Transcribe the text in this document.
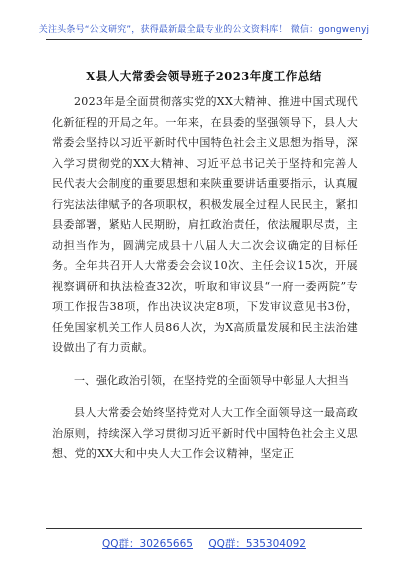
关注头条号“公文研究”，获得最新最全最专业的公文资料库！ 微信：gongwenyj
X县人大常委会领导班子2023年度工作总结

2023年是全面贯彻落实党的XX大精神、推进中国式现代化新征程的开局之年。一年来，在县委的坚强领导下，县人大常委会坚持以习近平新时代中国特色社会主义思想为指导，深入学习贯彻党的XX大精神、习近平总书记关于坚持和完善人民代表大会制度的重要思想和来陕重要讲话重要指示，认真履行宪法法律赋予的各项职权，积极发展全过程人民民主，紧扣县委部署，紧贴人民期盼，肩扛政治责任，依法履职尽责，主动担当作为，圆满完成县十八届人大二次会议确定的目标任务。全年共召开人大常委会会议10次、主任会议15次，开展视察调研和执法检查32次，听取和审议县“一府一委两院”专项工作报告38项，作出决议决定8项，下发审议意见书3份，任免国家机关工作人员86人次，为X高质量发展和民主法治建设做出了有力贡献。

一、强化政治引领，在坚持党的全面领导中彰显人大担当

县人大常委会始终坚持党对人大工作全面领导这一最高政治原则，持续深入学习贯彻习近平新时代中国特色社会主义思想、党的XX大和中央人大工作会议精神，坚定正

QQ群：30265665 QQ群：535304092
